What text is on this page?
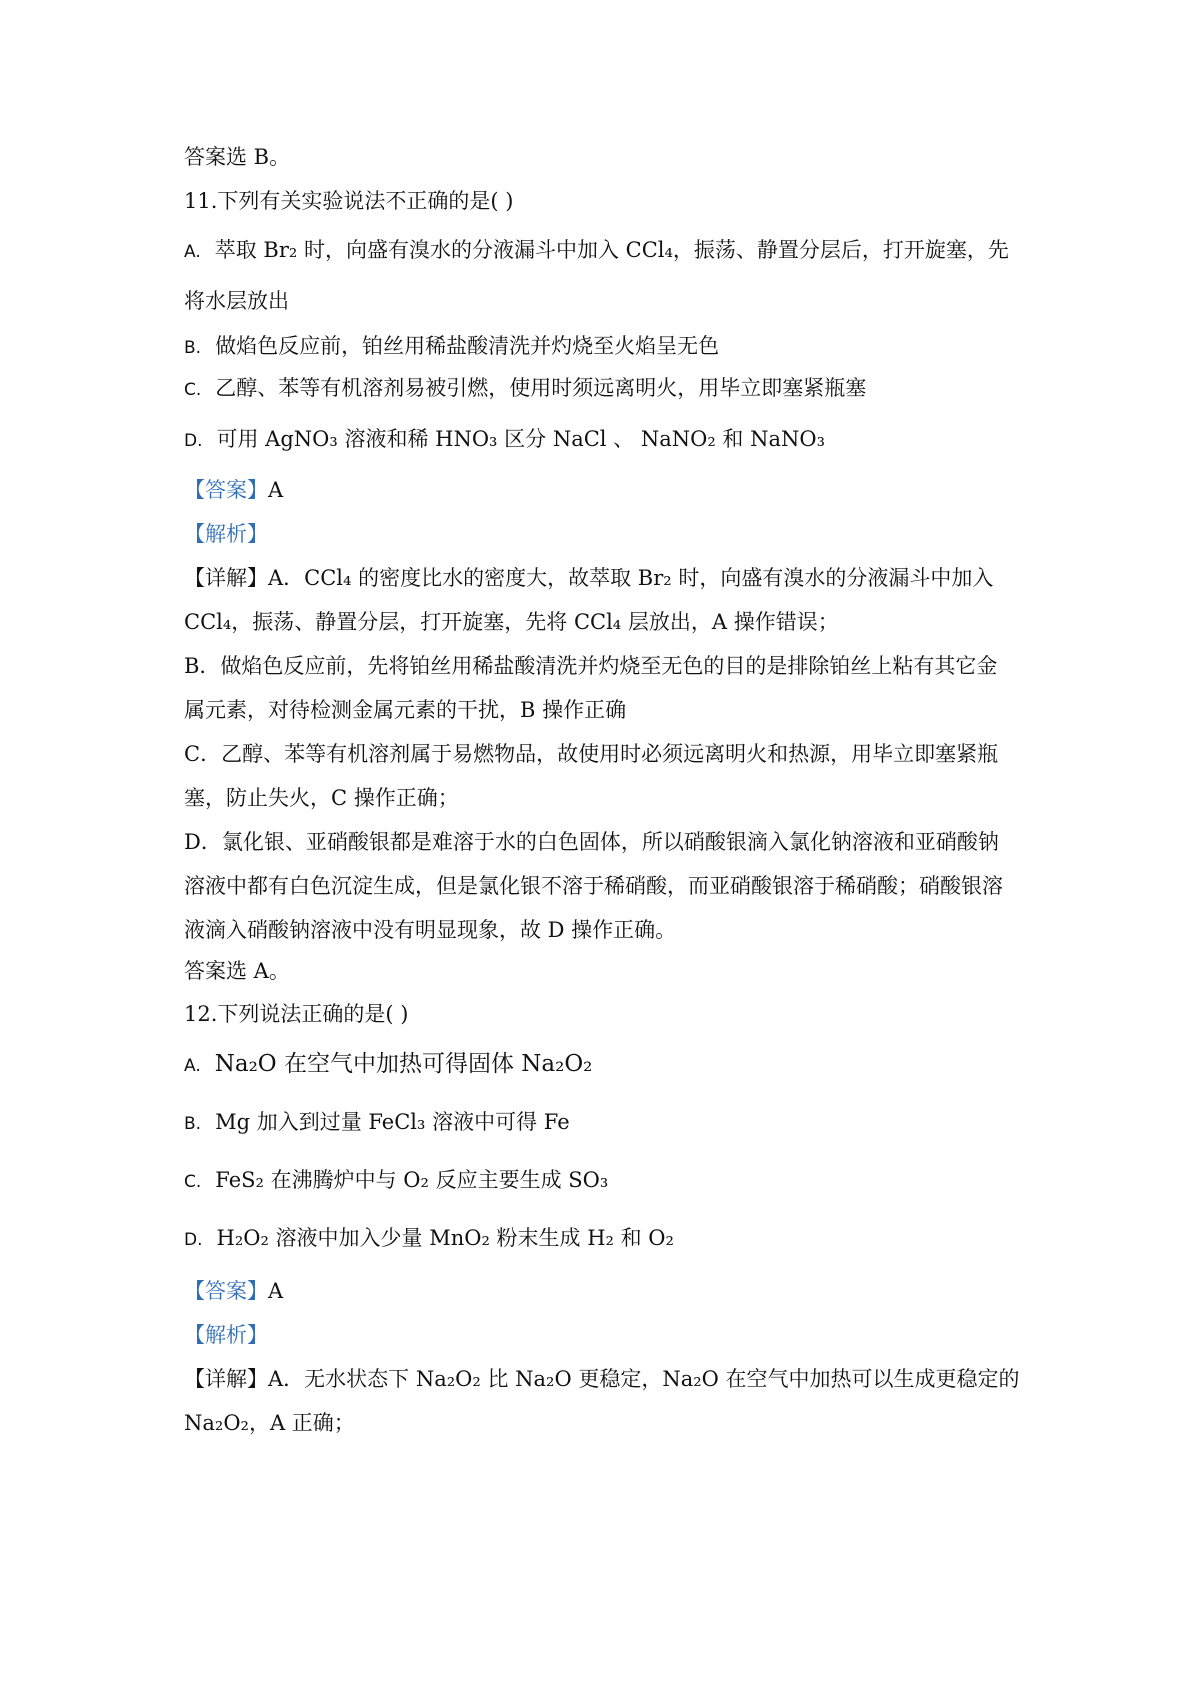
答案选 B。
11.下列有关实验说法不正确的是( )
A. 萃取 Br₂ 时，向盛有溴水的分液漏斗中加入 CCl₄，振荡、静置分层后，打开旋塞，先
将水层放出
B. 做焰色反应前，铂丝用稀盐酸清洗并灼烧至火焰呈无色
C. 乙醇、苯等有机溶剂易被引燃，使用时须远离明火，用毕立即塞紧瓶塞
D. 可用 AgNO₃ 溶液和稀 HNO₃ 区分 NaCl 、 NaNO₂ 和 NaNO₃
【答案】A
【解析】
【详解】A．CCl₄ 的密度比水的密度大，故萃取 Br₂ 时，向盛有溴水的分液漏斗中加入
CCl₄，振荡、静置分层，打开旋塞，先将 CCl₄ 层放出，A 操作错误；
B．做焰色反应前，先将铂丝用稀盐酸清洗并灼烧至无色的目的是排除铂丝上粘有其它金
属元素，对待检测金属元素的干扰，B 操作正确
C．乙醇、苯等有机溶剂属于易燃物品，故使用时必须远离明火和热源，用毕立即塞紧瓶
塞，防止失火，C 操作正确；
D．氯化银、亚硝酸银都是难溶于水的白色固体，所以硝酸银滴入氯化钠溶液和亚硝酸钠
溶液中都有白色沉淀生成，但是氯化银不溶于稀硝酸，而亚硝酸银溶于稀硝酸；硝酸银溶
液滴入硝酸钠溶液中没有明显现象，故 D 操作正确。
答案选 A。
12.下列说法正确的是( )
A. Na₂O 在空气中加热可得固体 Na₂O₂
B. Mg 加入到过量 FeCl₃ 溶液中可得 Fe
C. FeS₂ 在沸腾炉中与 O₂ 反应主要生成 SO₃
D. H₂O₂ 溶液中加入少量 MnO₂ 粉末生成 H₂ 和 O₂
【答案】A
【解析】
【详解】A．无水状态下 Na₂O₂ 比 Na₂O 更稳定，Na₂O 在空气中加热可以生成更稳定的
Na₂O₂，A 正确；
